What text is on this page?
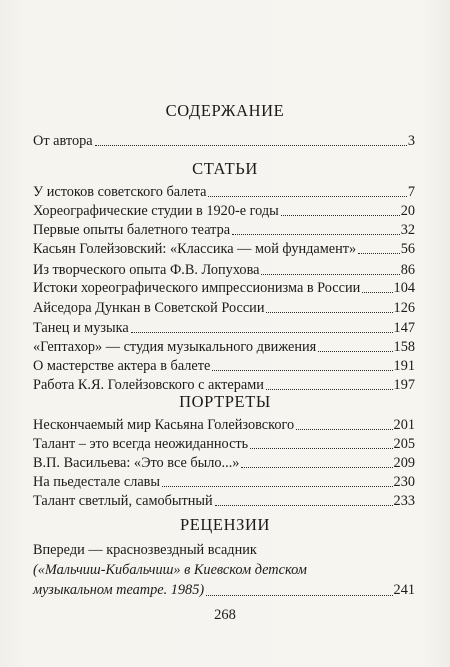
СОДЕРЖАНИЕ
От автора	3
СТАТЬИ
У истоков советского балета	7
Хореографические студии в 1920-е годы	20
Первые опыты балетного театра	32
Касьян Голейзовский: «Классика — мой фундамент»	56
Из творческого опыта Ф.В. Лопухова	86
Истоки хореографического импрессионизма в России 104
Айседора Дункан в Советской России	126
Танец и музыка	147
«Гептахор» — студия музыкального движения	158
О мастерстве актера в балете	191
Работа К.Я. Голейзовского с актерами	197
ПОРТРЕТЫ
Нескончаемый мир Касьяна Голейзовского	201
Талант – это всегда неожиданность	205
В.П. Васильева: «Это все было...»	209
На пьедестале славы	230
Талант светлый, самобытный	233
РЕЦЕНЗИИ
Впереди — краснозвездный всадник
(«Мальчиш-Кибальчиш» в Киевском детском
музыкальном театре. 1985)	241
268
